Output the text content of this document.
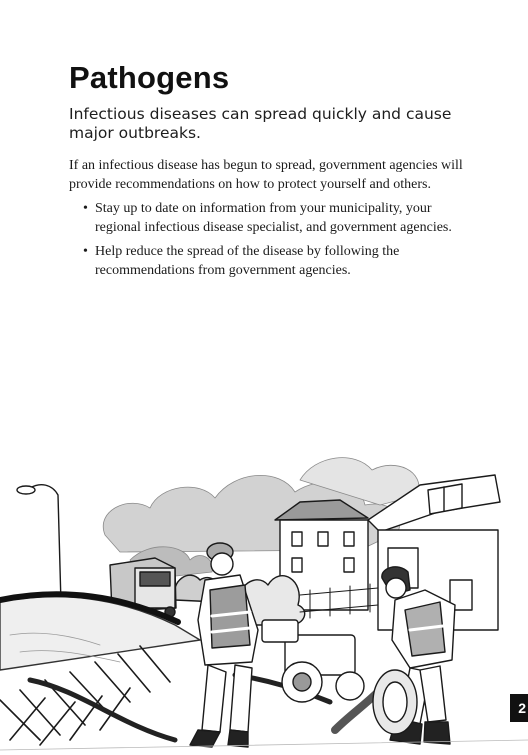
Pathogens

Infectious diseases can spread quickly and cause major outbreaks.

If an infectious disease has begun to spread, government agencies will provide recommendations on how to protect yourself and others.

• Stay up to date on information from your municipality, your regional infectious disease specialist, and government agencies.
• Help reduce the spread of the disease by following the recommendations from government agencies.
2
